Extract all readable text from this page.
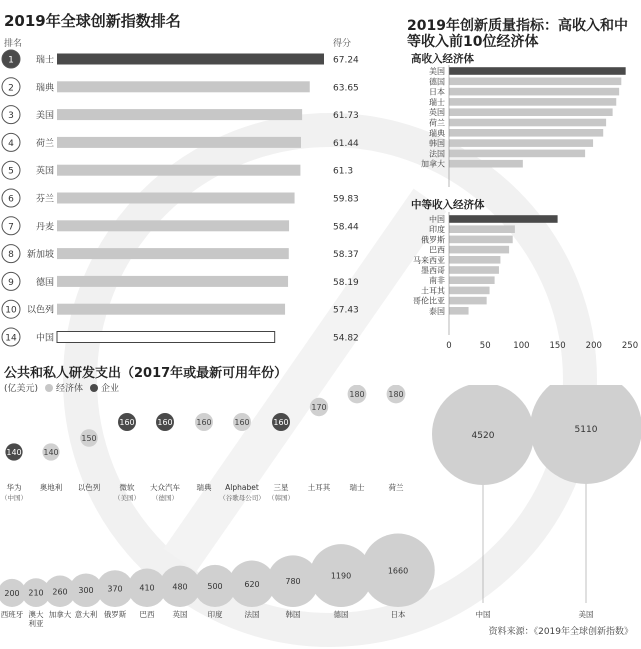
2019年全球创新指数排名
排名	得分
1 瑞士	67.24
2 瑞典	63.65
3 美国	61.73
4 荷兰	61.44
5 英国	61.3
6 芬兰	59.83
7 丹麦	58.44
8 新加坡	58.37
9 德国	58.19
10 以色列	57.43
14 中国	54.82
2019年创新质量指标：高收入和中等收入前10位经济体
高收入经济体
中等收入经济体
美国
德国
日本
瑞士
英国
荷兰
瑞典
韩国
法国
加拿大
中国
印度
俄罗斯
巴西
马来西亚
墨西哥
南非
土耳其
哥伦比亚
泰国
0	50	100 150 200 250
公共和私人研发支出（2017年或最新可用年份）
(亿美元) 经济体 企业
140
华为
（中国）
140
奥地利
150
以色列
160
微软
（美国）
160
大众汽车
（德国）
160
瑞典
160
Alphabet
（谷歌母公司）
160
三星
（韩国）
170
土耳其
180
瑞士
180
荷兰
200
西班牙
210
澳大
利亚
260
加拿大
300
意大利
370
俄罗斯
410
巴西
480
英国
500
印度
620
法国
780
韩国
1190
德国
1660
日本
4520
中国
5110
美国
资料来源：《2019年全球创新指数》
